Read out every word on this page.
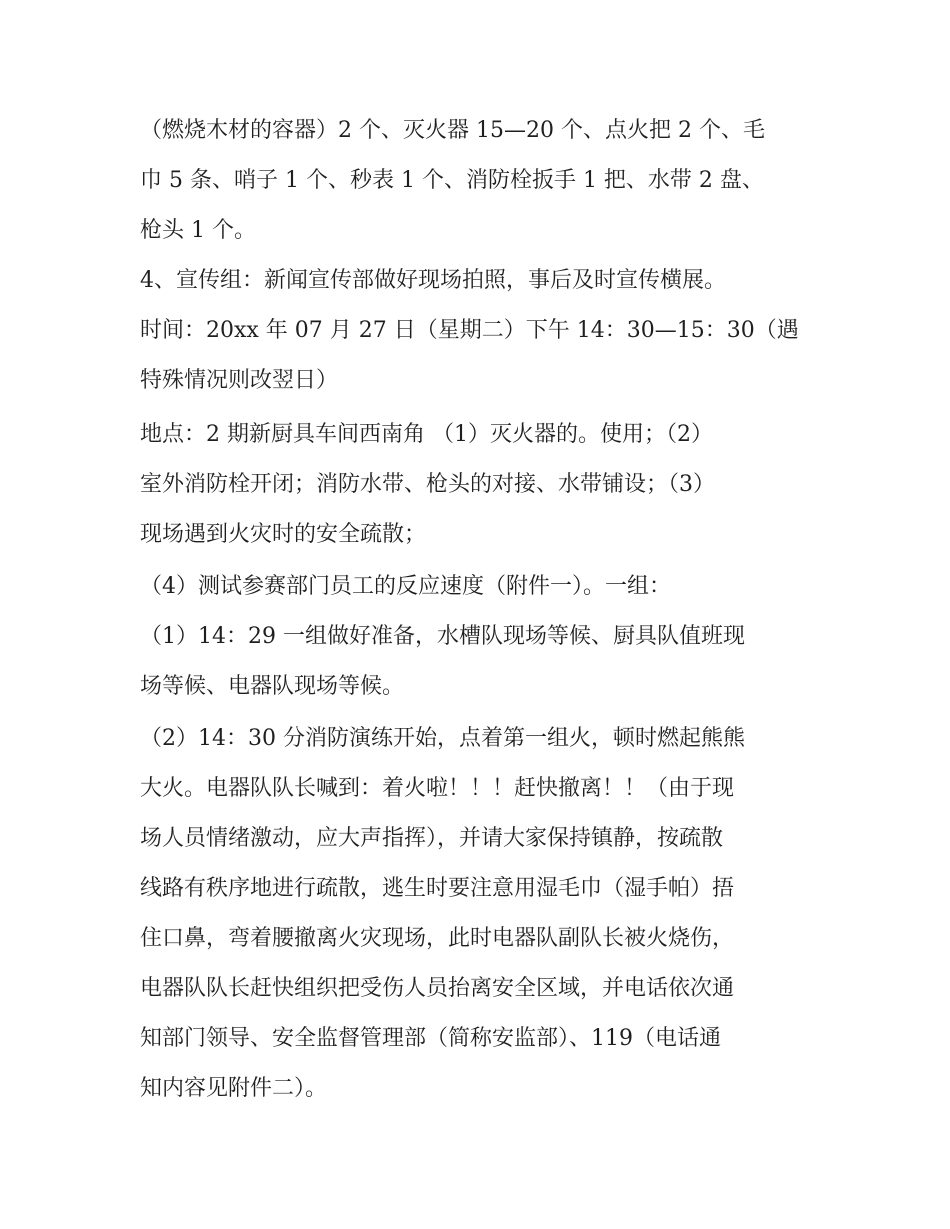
（燃烧木材的容器）2 个、灭火器 15—20 个、点火把 2 个、毛

巾 5 条、哨子 1 个、秒表 1 个、消防栓扳手 1 把、水带 2 盘、

枪头 1 个。

4、宣传组：新闻宣传部做好现场拍照，事后及时宣传横展。

时间：20xx 年 07 月 27 日（星期二）下午 14：30—15：30（遇

特殊情况则改翌日）

地点：2 期新厨具车间西南角 （1）灭火器的。使用；（2）

室外消防栓开闭；消防水带、枪头的对接、水带铺设；（3）

现场遇到火灾时的安全疏散；

（4）测试参赛部门员工的反应速度（附件一）。一组：

（1）14：29 一组做好准备，水槽队现场等候、厨具队值班现

场等候、电器队现场等候。

（2）14：30 分消防演练开始，点着第一组火，顿时燃起熊熊

大火。电器队队长喊到：着火啦！！！赶快撤离！！（由于现

场人员情绪激动，应大声指挥），并请大家保持镇静，按疏散

线路有秩序地进行疏散，逃生时要注意用湿毛巾（湿手帕）捂

住口鼻，弯着腰撤离火灾现场，此时电器队副队长被火烧伤，

电器队队长赶快组织把受伤人员抬离安全区域，并电话依次通

知部门领导、安全监督管理部（简称安监部）、119（电话通

知内容见附件二）。
